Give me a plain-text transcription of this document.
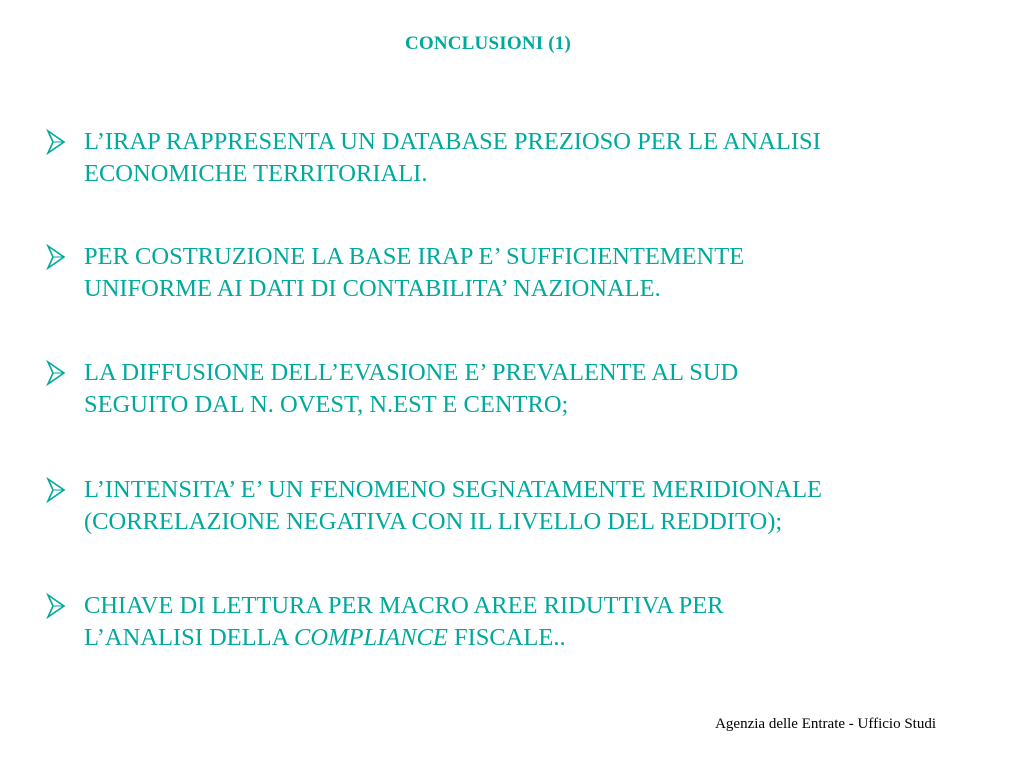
CONCLUSIONI (1)
L’IRAP RAPPRESENTA UN DATABASE PREZIOSO PER LE ANALISI
ECONOMICHE TERRITORIALI.
PER COSTRUZIONE LA BASE IRAP E’ SUFFICIENTEMENTE
UNIFORME AI DATI DI CONTABILITA’ NAZIONALE.
LA DIFFUSIONE DELL’EVASIONE E’ PREVALENTE AL SUD
SEGUITO DAL N. OVEST, N.EST E CENTRO;
L’INTENSITA’ E’ UN FENOMENO SEGNATAMENTE MERIDIONALE
(CORRELAZIONE NEGATIVA CON IL LIVELLO DEL REDDITO);
CHIAVE DI LETTURA PER MACRO AREE RIDUTTIVA PER
L’ANALISI DELLA COMPLIANCE FISCALE..

Agenzia delle Entrate - Ufficio Studi
